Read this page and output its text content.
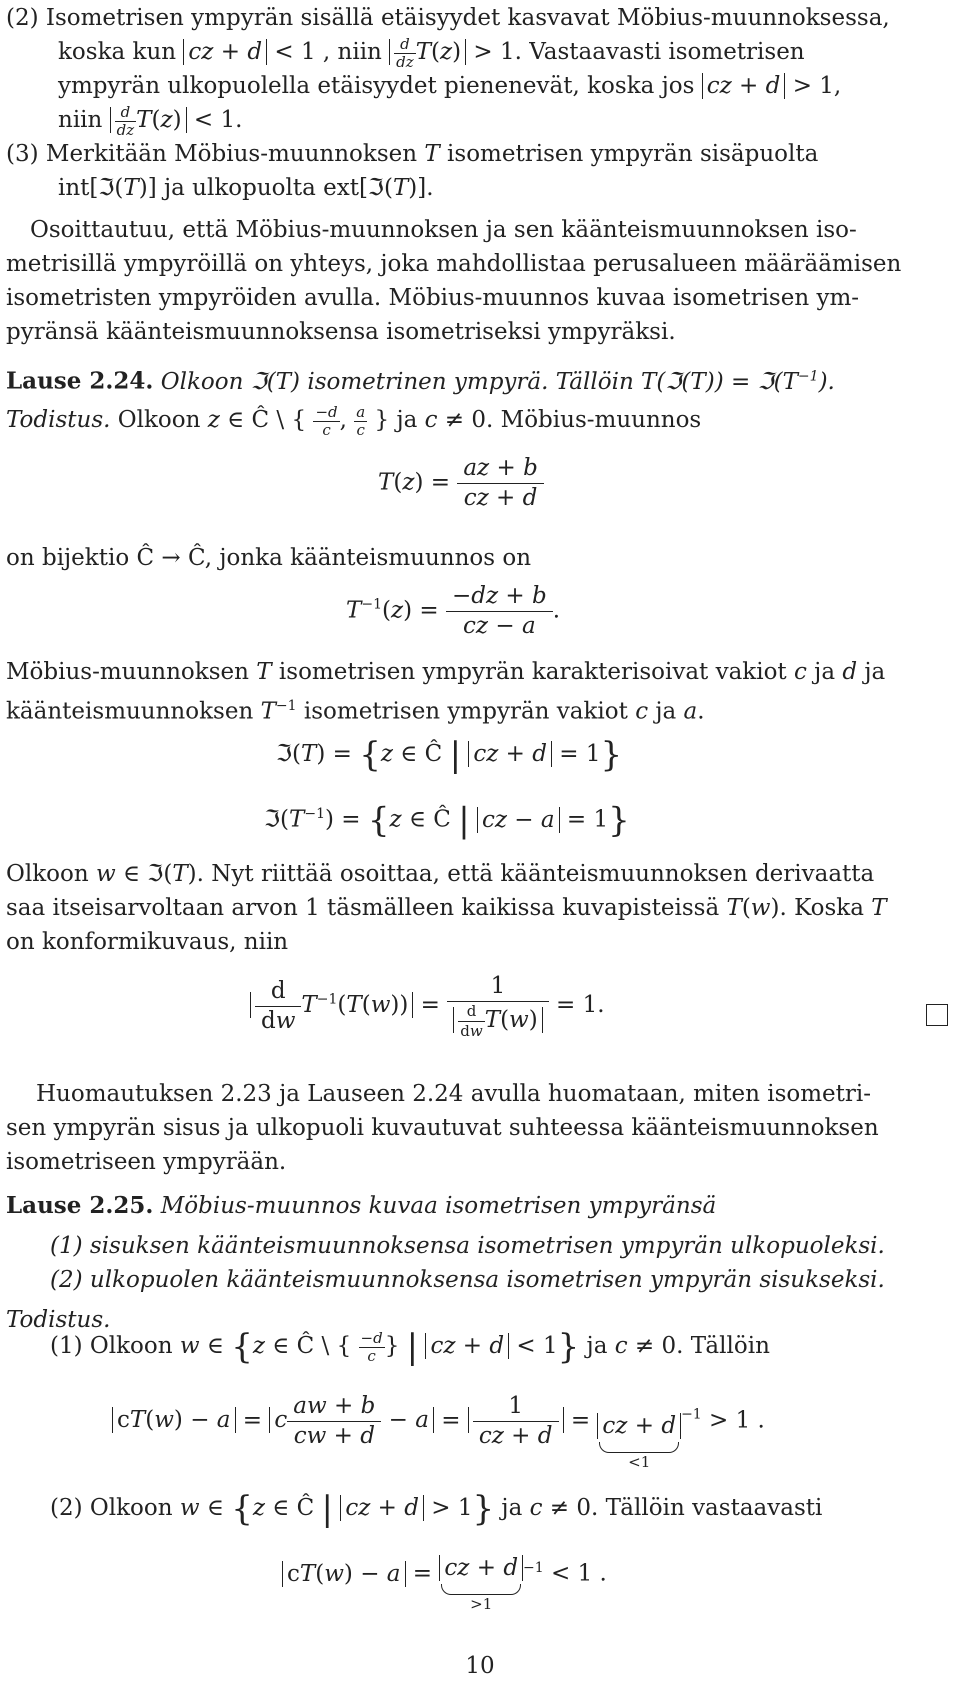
(2) Isometrisen ympyrän sisällä etäisyydet kasvavat Möbius-muunnoksessa,
koska kun cz + d < 1 , niin $\frac{d}{dz} T(z) > 1$. Vastaavasti isometrisen
ympyrän ulkopuolella etäisyydet pienenevät, koska jos cz + d > 1,
niin $\frac{d}{dz} T(z) < 1$.
(3) Merkitään Möbius-muunnoksen T isometrisen ympyrän sisäpuolta
int[ℑ(T)] ja ulkopuolta ext[ℑ(T)].
Osoittautuu, että Möbius-muunnoksen ja sen käänteismuunnoksen iso-
metrisillä ympyröillä on yhteys, joka mahdollistaa perusalueen määräämisen
isometristen ympyröiden avulla. Möbius-muunnos kuvaa isometrisen ym-
pyränsä käänteismuunnoksensa isometriseksi ympyräksi.
Lause 2.24. Olkoon ℑ(T) isometrinen ympyrä. Tällöin T(ℑ(T)) = $ℑ(T^{-1})$.
Todistus. Olkoon z ∈ Ĉ \ { $\frac{-d}{c}$ , $\frac{a}{c}$ } ja c ≠ 0. Möbius-muunnos
$T(z) = \frac{az + b}{cz + d}$
on bijektio Ĉ → Ĉ, jonka käänteismuunnos on
$T^{-1}(z) = \frac{-dz + b}{cz - a}$ .
Möbius-muunnoksen T isometrisen ympyrän karakterisoivat vakiot c ja d ja
käänteismuunnoksen $T^{-1}$ isometrisen ympyrän vakiot c ja a.
ℑ(T) = {z ∈ Ĉ | cz + d = 1}
$ℑ(T^{-1}) = \{z$ ∈ Ĉ | cz − a = 1}
Olkoon w ∈ ℑ(T). Nyt riittää osoittaa, että käänteismuunnoksen derivaatta
saa itseisarvoltaan arvon 1 täsmälleen kaikissa kuvapisteissä T(w). Koska T
on konformikuvaus, niin
$\frac{d}{dw} T^{-1}(T(w)) = \frac{1}{\frac{d}{dw} T(w)} = 1$.
Huomautuksen 2.23 ja Lauseen 2.24 avulla huomataan, miten isometri-
sen ympyrän sisus ja ulkopuoli kuvautuvat suhteessa käänteismuunnoksen
isometriseen ympyrään.
Lause 2.25. Möbius-muunnos kuvaa isometrisen ympyränsä
(1) sisuksen käänteismuunnoksensa isometrisen ympyrän ulkopuoleksi.
(2) ulkopuolen käänteismuunnoksensa isometrisen ympyrän sisukseksi.
Todistus.
(1) Olkoon w ∈ {z ∈ Ĉ \ { $\frac{-d}{c}$ } | cz + d < 1} ja c ≠ 0. Tällöin
cT(w) − a = c $\frac{aw + b}{cw + d} - a = \frac{1}{cz + d}$ = cz + d
<1
$^{-1}$ > 1 .
(2) Olkoon w ∈ {z ∈ Ĉ | cz + d > 1} ja c ≠ 0. Tällöin vastaavasti
cT(w) − a = cz + d
>1
$^{-1}$ < 1 .
10
